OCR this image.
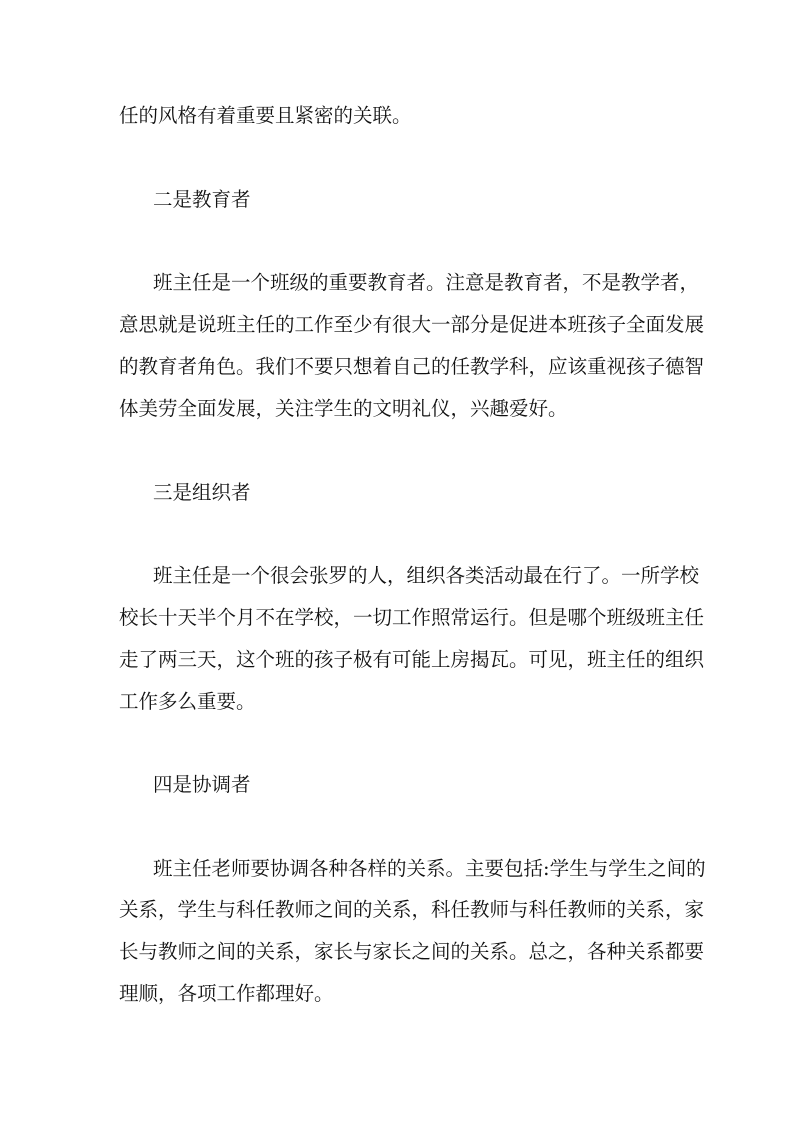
任的风格有着重要且紧密的关联。
二是教育者
班主任是一个班级的重要教育者。注意是教育者，不是教学者，
意思就是说班主任的工作至少有很大一部分是促进本班孩子全面发展
的教育者角色。我们不要只想着自己的任教学科，应该重视孩子德智
体美劳全面发展，关注学生的文明礼仪，兴趣爱好。
三是组织者
班主任是一个很会张罗的人，组织各类活动最在行了。一所学校
校长十天半个月不在学校，一切工作照常运行。但是哪个班级班主任
走了两三天，这个班的孩子极有可能上房揭瓦。可见，班主任的组织
工作多么重要。
四是协调者
班主任老师要协调各种各样的关系。主要包括:学生与学生之间的
关系，学生与科任教师之间的关系，科任教师与科任教师的关系，家
长与教师之间的关系，家长与家长之间的关系。总之，各种关系都要
理顺，各项工作都理好。
